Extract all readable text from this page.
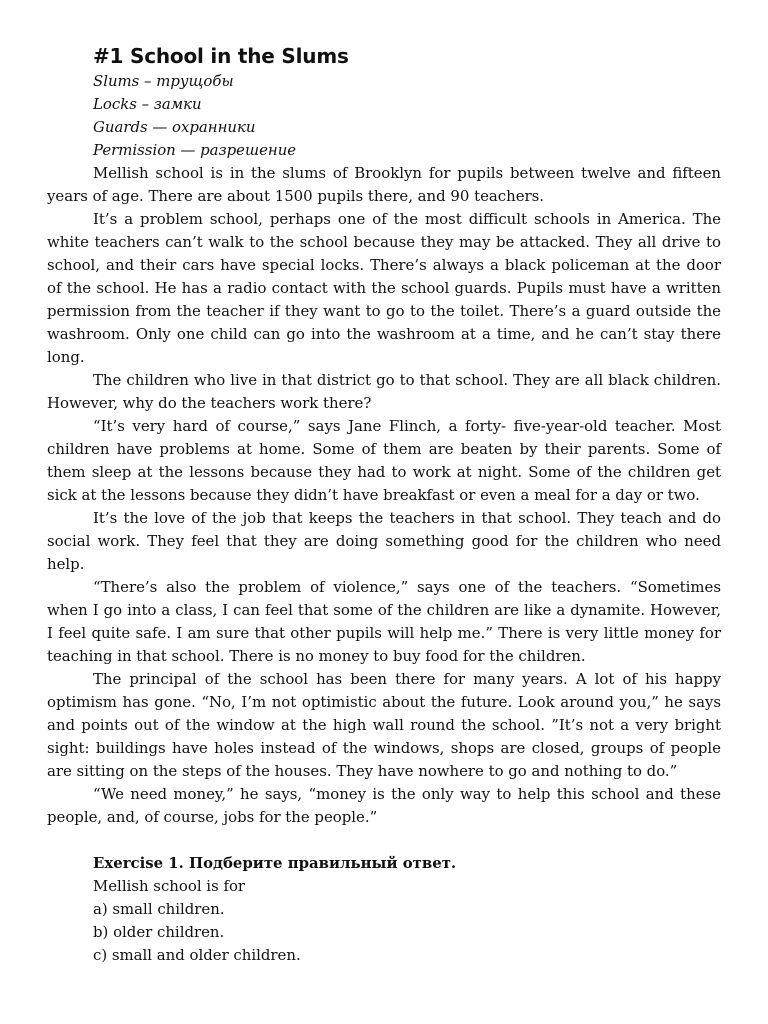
#1 School in the Slums
Slums – трущобы
Locks – замки
Guards — охранники
Permission — разрешение

Mellish school is in the slums of Brooklyn for pupils between twelve and fifteen years of age. There are about 1500 pupils there, and 90 teachers.

It’s a problem school, perhaps one of the most difficult schools in America. The white teachers can’t walk to the school because they may be attacked. They all drive to school, and their cars have special locks. There’s always a black policeman at the door of the school. He has a radio contact with the school guards. Pupils must have a written permission from the teacher if they want to go to the toilet. There’s a guard outside the washroom. Only one child can go into the washroom at a time, and he can’t stay there long.

The children who live in that district go to that school. They are all black children. However, why do the teachers work there?

“It’s very hard of course,” says Jane Flinch, a forty- five-year-old teacher. Most children have problems at home. Some of them are beaten by their parents. Some of them sleep at the lessons because they had to work at night. Some of the children get sick at the lessons because they didn’t have breakfast or even a meal for a day or two.

It’s the love of the job that keeps the teachers in that school. They teach and do social work. They feel that they are doing something good for the children who need help.

“There’s also the problem of violence,” says one of the teachers. “Sometimes when I go into a class, I can feel that some of the children are like a dynamite. However, I feel quite safe. I am sure that other pupils will help me.” There is very little money for teaching in that school. There is no money to buy food for the children.

The principal of the school has been there for many years. A lot of his happy optimism has gone. “No, I’m not optimistic about the future. Look around you,” he says and points out of the window at the high wall round the school. ”It’s not a very bright sight: buildings have holes instead of the windows, shops are closed, groups of people are sitting on the steps of the houses. They have nowhere to go and nothing to do.”

“We need money,” he says, “money is the only way to help this school and these people, and, of course, jobs for the people.”

Exercise 1. Подберите правильный ответ.

Mellish school is for

a) small children.
b) older children.
c) small and older children.
